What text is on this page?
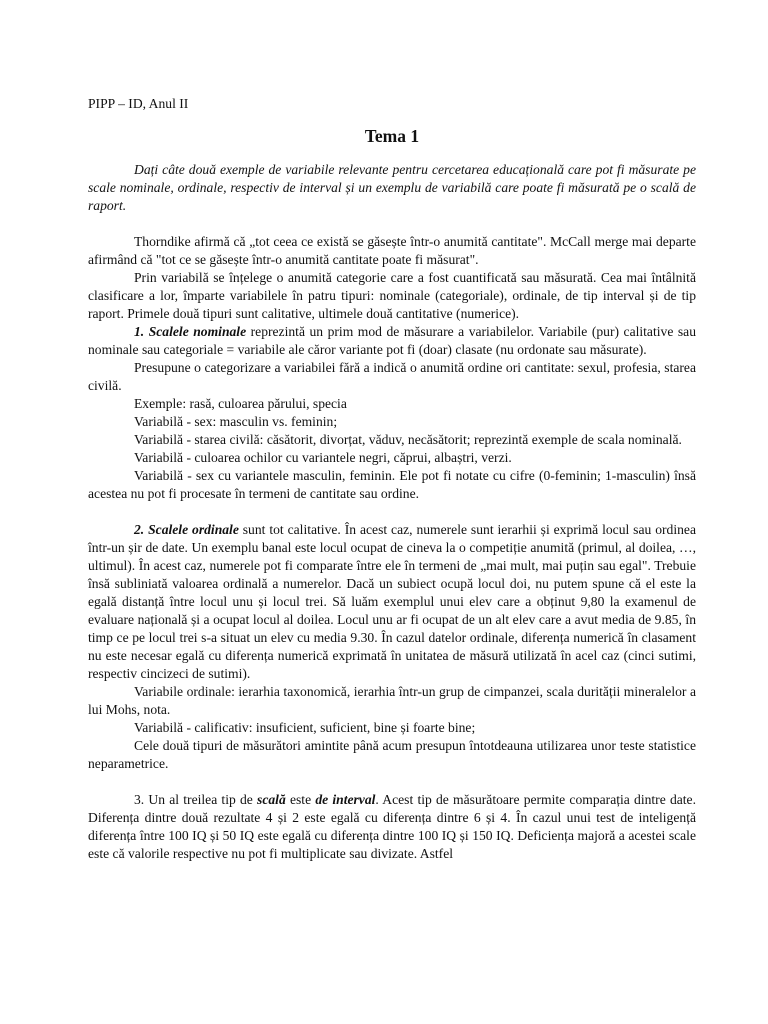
PIPP – ID, Anul II

Tema 1

Dați câte două exemple de variabile relevante pentru cercetarea educațională care pot fi măsurate pe scale nominale, ordinale, respectiv de interval și un exemplu de variabilă care poate fi măsurată pe o scală de raport.

Thorndike afirmă că „tot ceea ce există se găsește într-o anumită cantitate". McCall merge mai departe afirmând că "tot ce se găsește într-o anumită cantitate poate fi măsurat".

Prin variabilă se înțelege o anumită categorie care a fost cuantificată sau măsurată. Cea mai întâlnită clasificare a lor, împarte variabilele în patru tipuri: nominale (categoriale), ordinale, de tip interval și de tip raport. Primele două tipuri sunt calitative, ultimele două cantitative (numerice).

1. Scalele nominale reprezintă un prim mod de măsurare a variabilelor. Variabile (pur) calitative sau nominale sau categoriale = variabile ale căror variante pot fi (doar) clasate (nu ordonate sau măsurate).

Presupune o categorizare a variabilei fără a indică o anumită ordine ori cantitate: sexul, profesia, starea civilă.

Exemple: rasă, culoarea părului, specia

Variabilă - sex: masculin vs. feminin;

Variabilă - starea civilă: căsătorit, divorțat, văduv, necăsătorit; reprezintă exemple de scala nominală.

Variabilă - culoarea ochilor cu variantele negri, căprui, albaștri, verzi.

Variabilă - sex cu variantele masculin, feminin. Ele pot fi notate cu cifre (0-feminin; 1-masculin) însă acestea nu pot fi procesate în termeni de cantitate sau ordine.

2. Scalele ordinale sunt tot calitative. În acest caz, numerele sunt ierarhii și exprimă locul sau ordinea într-un șir de date. Un exemplu banal este locul ocupat de cineva la o competiție anumită (primul, al doilea, …, ultimul). În acest caz, numerele pot fi comparate între ele în termeni de „mai mult, mai puțin sau egal". Trebuie însă subliniată valoarea ordinală a numerelor. Dacă un subiect ocupă locul doi, nu putem spune că el este la egală distanță între locul unu și locul trei. Să luăm exemplul unui elev care a obținut 9,80 la examenul de evaluare națională și a ocupat locul al doilea. Locul unu ar fi ocupat de un alt elev care a avut media de 9.85, în timp ce pe locul trei s-a situat un elev cu media 9.30. În cazul datelor ordinale, diferența numerică în clasament nu este necesar egală cu diferența numerică exprimată în unitatea de măsură utilizată în acel caz (cinci sutimi, respectiv cincizeci de sutimi).

Variabile ordinale: ierarhia taxonomică, ierarhia într-un grup de cimpanzei, scala durității mineralelor a lui Mohs, nota.

Variabilă - calificativ: insuficient, suficient, bine și foarte bine;

Cele două tipuri de măsurători amintite până acum presupun întotdeauna utilizarea unor teste statistice neparametrice.

3. Un al treilea tip de scală este de interval. Acest tip de măsurătoare permite comparația dintre date. Diferența dintre două rezultate 4 și 2 este egală cu diferența dintre 6 și 4. În cazul unui test de inteligență diferența între 100 IQ și 50 IQ este egală cu diferența dintre 100 IQ și 150 IQ. Deficiența majoră a acestei scale este că valorile respective nu pot fi multiplicate sau divizate. Astfel
